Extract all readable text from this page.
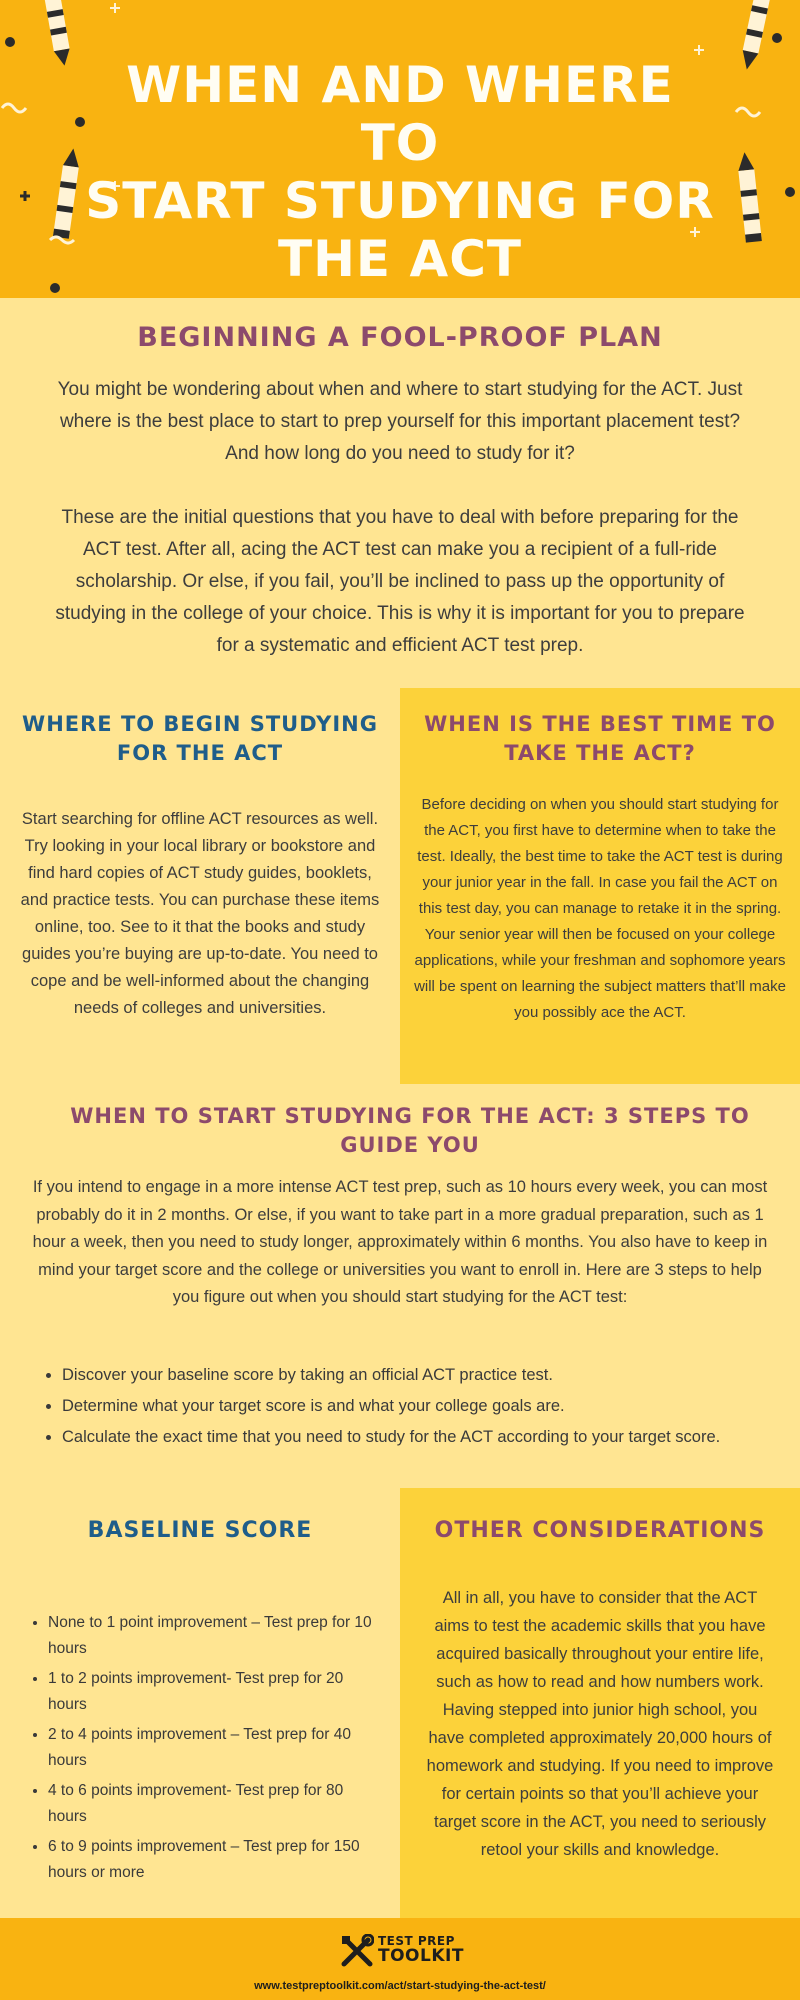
WHEN AND WHERE TO
START STUDYING FOR
THE ACT
BEGINNING A FOOL-PROOF PLAN
You might be wondering about when and where to start studying for the ACT. Just where is the best place to start to prep yourself for this important placement test? And how long do you need to study for it?
These are the initial questions that you have to deal with before preparing for the ACT test. After all, acing the ACT test can make you a recipient of a full-ride scholarship. Or else, if you fail, you’ll be inclined to pass up the opportunity of studying in the college of your choice. This is why it is important for you to prepare for a systematic and efficient ACT test prep.
WHERE TO BEGIN STUDYING FOR THE ACT
Start searching for offline ACT resources as well. Try looking in your local library or bookstore and find hard copies of ACT study guides, booklets, and practice tests. You can purchase these items online, too. See to it that the books and study guides you’re buying are up-to-date. You need to cope and be well-informed about the changing needs of colleges and universities.
WHEN IS THE BEST TIME TO TAKE THE ACT?
Before deciding on when you should start studying for the ACT, you first have to determine when to take the test. Ideally, the best time to take the ACT test is during your junior year in the fall. In case you fail the ACT on this test day, you can manage to retake it in the spring. Your senior year will then be focused on your college applications, while your freshman and sophomore years will be spent on learning the subject matters that’ll make you possibly ace the ACT.
WHEN TO START STUDYING FOR THE ACT: 3 STEPS TO GUIDE YOU
If you intend to engage in a more intense ACT test prep, such as 10 hours every week, you can most probably do it in 2 months. Or else, if you want to take part in a more gradual preparation, such as 1 hour a week, then you need to study longer, approximately within 6 months. You also have to keep in mind your target score and the college or universities you want to enroll in. Here are 3 steps to help you figure out when you should start studying for the ACT test:
• Discover your baseline score by taking an official ACT practice test.
• Determine what your target score is and what your college goals are.
• Calculate the exact time that you need to study for the ACT according to your target score.
BASELINE SCORE
• None to 1 point improvement – Test prep for 10 hours
• 1 to 2 points improvement- Test prep for 20 hours
• 2 to 4 points improvement – Test prep for 40 hours
• 4 to 6 points improvement- Test prep for 80 hours
• 6 to 9 points improvement – Test prep for 150 hours or more
OTHER CONSIDERATIONS
All in all, you have to consider that the ACT aims to test the academic skills that you have acquired basically throughout your entire life, such as how to read and how numbers work. Having stepped into junior high school, you have completed approximately 20,000 hours of homework and studying. If you need to improve for certain points so that you’ll achieve your target score in the ACT, you need to seriously retool your skills and knowledge.
TEST PREP
TOOLKIT
www.testpreptoolkit.com/act/start-studying-the-act-test/
